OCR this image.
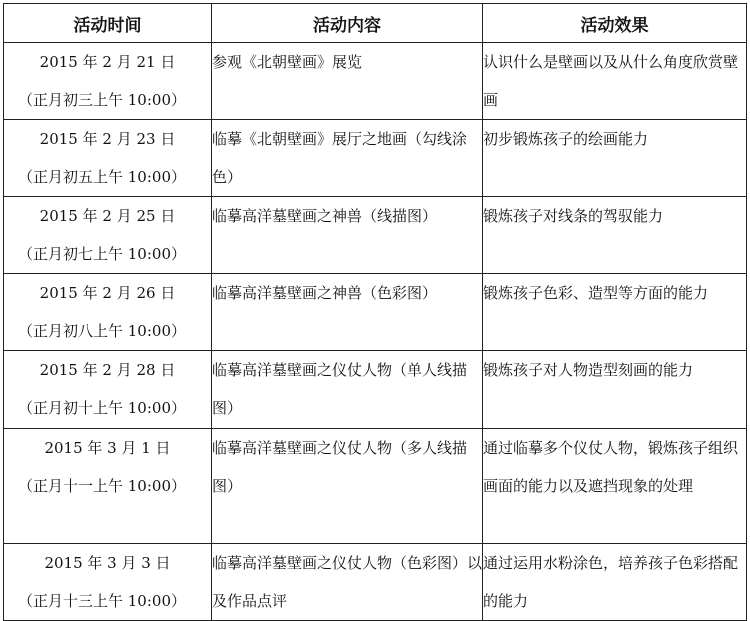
活动时间	活动内容	活动效果

2015 年 2 月 21 日
（正月初三上午 10:00）	参观《北朝壁画》展览	认识什么是壁画以及从什么角度欣赏壁画

2015 年 2 月 23 日
（正月初五上午 10:00）	临摹《北朝壁画》展厅之地画（勾线涂色）	初步锻炼孩子的绘画能力

2015 年 2 月 25 日
（正月初七上午 10:00）	临摹高洋墓壁画之神兽（线描图）	锻炼孩子对线条的驾驭能力

2015 年 2 月 26 日
（正月初八上午 10:00）	临摹高洋墓壁画之神兽（色彩图）	锻炼孩子色彩、造型等方面的能力

2015 年 2 月 28 日
（正月初十上午 10:00）	临摹高洋墓壁画之仪仗人物（单人线描图）	锻炼孩子对人物造型刻画的能力

2015 年 3 月 1 日
（正月十一上午 10:00）	临摹高洋墓壁画之仪仗人物（多人线描图）	通过临摹多个仪仗人物，锻炼孩子组织画面的能力以及遮挡现象的处理

2015 年 3 月 3 日
（正月十三上午 10:00）	临摹高洋墓壁画之仪仗人物（色彩图）以及作品点评	通过运用水粉涂色，培养孩子色彩搭配的能力
